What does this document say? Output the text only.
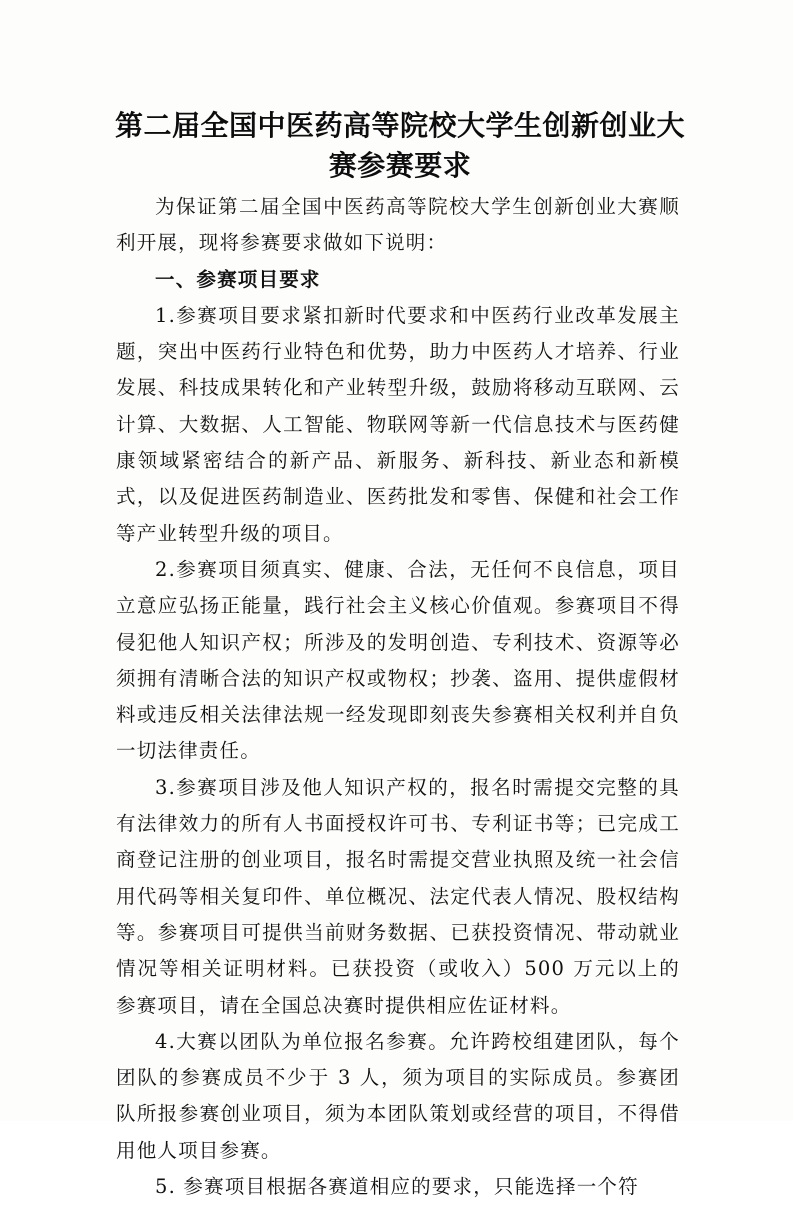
第二届全国中医药高等院校大学生创新创业大
赛参赛要求

为保证第二届全国中医药高等院校大学生创新创业大赛顺利开展，现将参赛要求做如下说明：

一、参赛项目要求

1.参赛项目要求紧扣新时代要求和中医药行业改革发展主题，突出中医药行业特色和优势，助力中医药人才培养、行业发展、科技成果转化和产业转型升级，鼓励将移动互联网、云计算、大数据、人工智能、物联网等新一代信息技术与医药健康领域紧密结合的新产品、新服务、新科技、新业态和新模式，以及促进医药制造业、医药批发和零售、保健和社会工作等产业转型升级的项目。

2.参赛项目须真实、健康、合法，无任何不良信息，项目立意应弘扬正能量，践行社会主义核心价值观。参赛项目不得侵犯他人知识产权；所涉及的发明创造、专利技术、资源等必须拥有清晰合法的知识产权或物权；抄袭、盗用、提供虚假材料或违反相关法律法规一经发现即刻丧失参赛相关权利并自负一切法律责任。

3.参赛项目涉及他人知识产权的，报名时需提交完整的具有法律效力的所有人书面授权许可书、专利证书等；已完成工商登记注册的创业项目，报名时需提交营业执照及统一社会信用代码等相关复印件、单位概况、法定代表人情况、股权结构等。参赛项目可提供当前财务数据、已获投资情况、带动就业情况等相关证明材料。已获投资（或收入）500 万元以上的参赛项目，请在全国总决赛时提供相应佐证材料。

4.大赛以团队为单位报名参赛。允许跨校组建团队，每个团队的参赛成员不少于 3 人，须为项目的实际成员。参赛团队所报参赛创业项目，须为本团队策划或经营的项目，不得借用他人项目参赛。

5. 参赛项目根据各赛道相应的要求，只能选择一个符
